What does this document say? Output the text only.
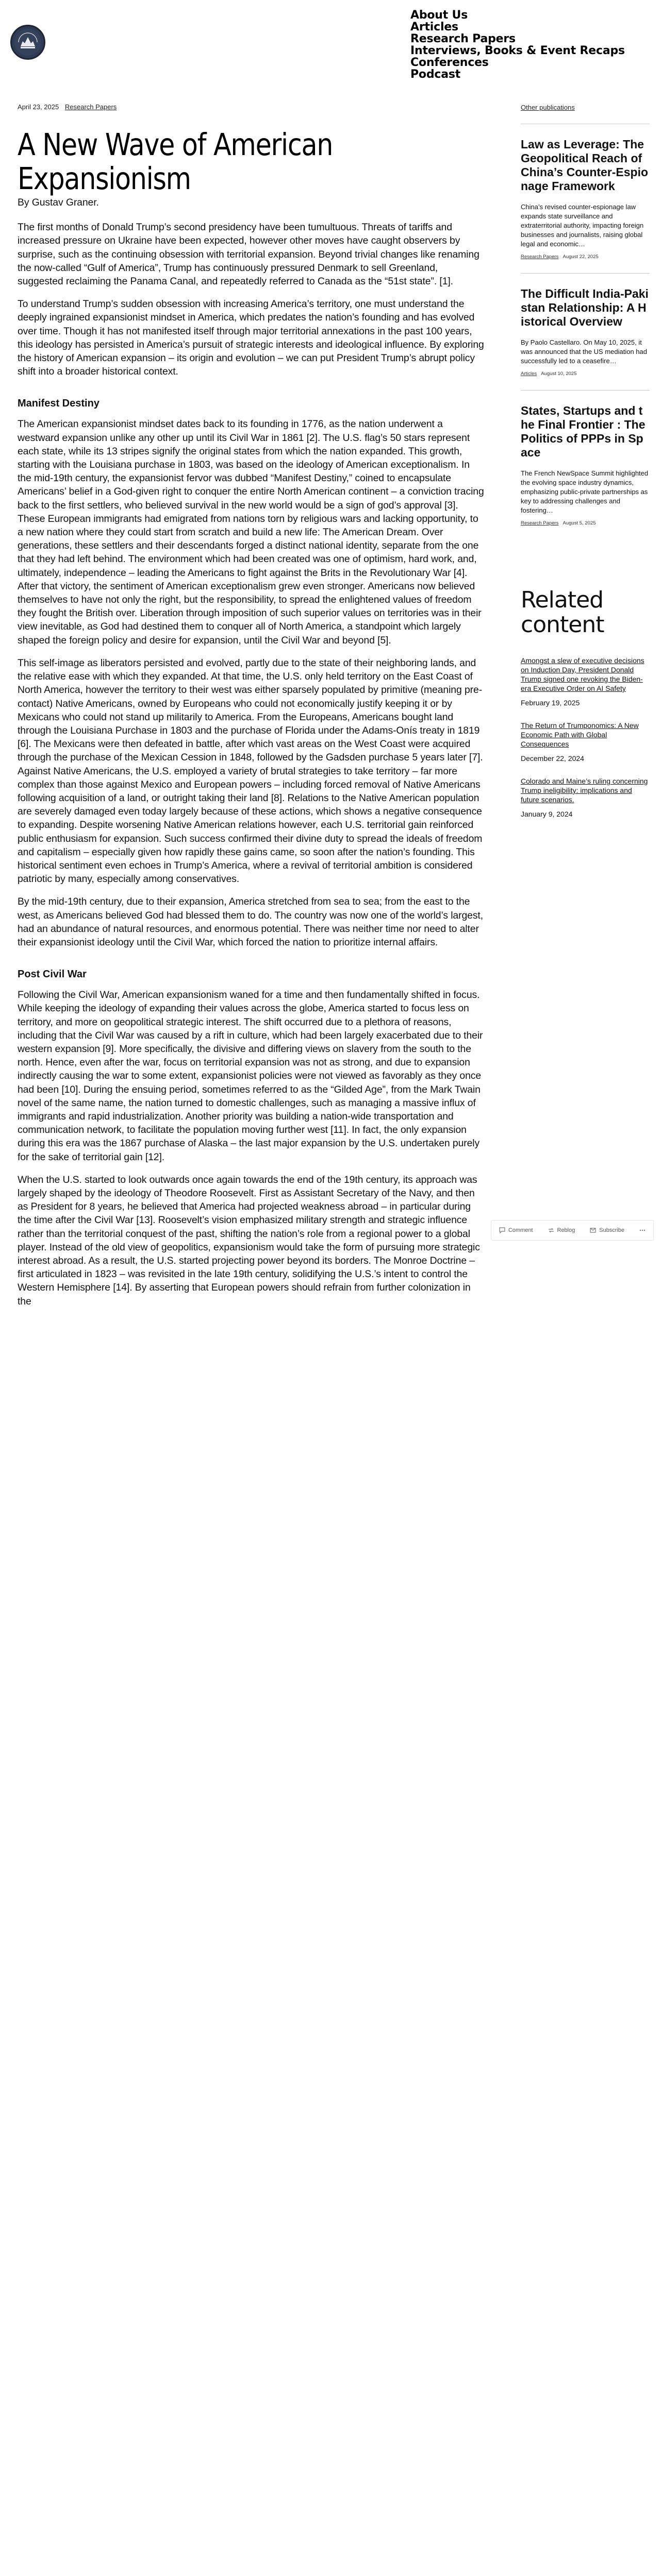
About Us
Articles
Research Papers
Interviews, Books & Event Recaps
Conferences
Podcast
April 23, 2025 Research Papers
A New Wave of American Expansionism

By Gustav Graner.

The first months of Donald Trump’s second presidency have been tumultuous. Threats of tariffs and increased pressure on Ukraine have been expected, however other moves have caught observers by surprise, such as the continuing obsession with territorial expansion. Beyond trivial changes like renaming the now-called “Gulf of America”, Trump has continuously pressured Denmark to sell Greenland, suggested reclaiming the Panama Canal, and repeatedly referred to Canada as the “51st state”. [1].

To understand Trump’s sudden obsession with increasing America’s territory, one must understand the deeply ingrained expansionist mindset in America, which predates the nation’s founding and has evolved over time. Though it has not manifested itself through major territorial annexations in the past 100 years, this ideology has persisted in America’s pursuit of strategic interests and ideological influence. By exploring the history of American expansion – its origin and evolution – we can put President Trump’s abrupt policy shift into a broader historical context.

Manifest Destiny

The American expansionist mindset dates back to its founding in 1776, as the nation underwent a westward expansion unlike any other up until its Civil War in 1861 [2]. The U.S. flag’s 50 stars represent each state, while its 13 stripes signify the original states from which the nation expanded. This growth, starting with the Louisiana purchase in 1803, was based on the ideology of American exceptionalism. In the mid-19th century, the expansionist fervor was dubbed “Manifest Destiny,” coined to encapsulate Americans’ belief in a God-given right to conquer the entire North American continent – a conviction tracing back to the first settlers, who believed survival in the new world would be a sign of god’s approval [3]. These European immigrants had emigrated from nations torn by religious wars and lacking opportunity, to a new nation where they could start from scratch and build a new life: The American Dream. Over generations, these settlers and their descendants forged a distinct national identity, separate from the one that they had left behind. The environment which had been created was one of optimism, hard work, and, ultimately, independence – leading the Americans to fight against the Brits in the Revolutionary War [4]. After that victory, the sentiment of American exceptionalism grew even stronger. Americans now believed themselves to have not only the right, but the responsibility, to spread the enlightened values of freedom they fought the British over. Liberation through imposition of such superior values on territories was in their view inevitable, as God had destined them to conquer all of North America, a standpoint which largely shaped the foreign policy and desire for expansion, until the Civil War and beyond [5].

This self-image as liberators persisted and evolved, partly due to the state of their neighboring lands, and the relative ease with which they expanded. At that time, the U.S. only held territory on the East Coast of North America, however the territory to their west was either sparsely populated by primitive (meaning pre-contact) Native Americans, owned by Europeans who could not economically justify keeping it or by Mexicans who could not stand up militarily to America. From the Europeans, Americans bought land through the Louisiana Purchase in 1803 and the purchase of Florida under the Adams-Onís treaty in 1819 [6]. The Mexicans were then defeated in battle, after which vast areas on the West Coast were acquired through the purchase of the Mexican Cession in 1848, followed by the Gadsden purchase 5 years later [7]. Against Native Americans, the U.S. employed a variety of brutal strategies to take territory – far more complex than those against Mexico and European powers – including forced removal of Native Americans following acquisition of a land, or outright taking their land [8]. Relations to the Native American population are severely damaged even today largely because of these actions, which shows a negative consequence to expanding. Despite worsening Native American relations however, each U.S. territorial gain reinforced public enthusiasm for expansion. Such success confirmed their divine duty to spread the ideals of freedom and capitalism – especially given how rapidly these gains came, so soon after the nation’s founding. This historical sentiment even echoes in Trump’s America, where a revival of territorial ambition is considered patriotic by many, especially among conservatives.

By the mid-19th century, due to their expansion, America stretched from sea to sea; from the east to the west, as Americans believed God had blessed them to do. The country was now one of the world’s largest, had an abundance of natural resources, and enormous potential. There was neither time nor need to alter their expansionist ideology until the Civil War, which forced the nation to prioritize internal affairs.

Post Civil War

Following the Civil War, American expansionism waned for a time and then fundamentally shifted in focus. While keeping the ideology of expanding their values across the globe, America started to focus less on territory, and more on geopolitical strategic interest. The shift occurred due to a plethora of reasons, including that the Civil War was caused by a rift in culture, which had been largely exacerbated due to their western expansion [9]. More specifically, the divisive and differing views on slavery from the south to the north. Hence, even after the war, focus on territorial expansion was not as strong, and due to expansion indirectly causing the war to some extent, expansionist policies were not viewed as favorably as they once had been [10]. During the ensuing period, sometimes referred to as the “Gilded Age”, from the Mark Twain novel of the same name, the nation turned to domestic challenges, such as managing a massive influx of immigrants and rapid industrialization. Another priority was building a nation-wide transportation and communication network, to facilitate the population moving further west [11]. In fact, the only expansion during this era was the 1867 purchase of Alaska – the last major expansion by the U.S. undertaken purely for the sake of territorial gain [12].

When the U.S. started to look outwards once again towards the end of the 19th century, its approach was largely shaped by the ideology of Theodore Roosevelt. First as Assistant Secretary of the Navy, and then as President for 8 years, he believed that America had projected weakness abroad – in particular during the time after the Civil War [13]. Roosevelt’s vision emphasized military strength and strategic influence rather than the territorial conquest of the past, shifting the nation’s role from a regional power to a global player. Instead of the old view of geopolitics, expansionism would take the form of pursuing more strategic interest abroad. As a result, the U.S. started projecting power beyond its borders. The Monroe Doctrine – first articulated in 1823 – was revisited in the late 19th century, solidifying the U.S.’s intent to control the Western Hemisphere [14]. By asserting that European powers should refrain from further colonization in the

Other publications
Law as Leverage: The Geopolitical Reach of China’s Counter-Espionage Framework

China’s revised counter-espionage law expands state surveillance and extraterritorial authority, impacting foreign businesses and journalists, raising global legal and economic…

Research Papers August 22, 2025
The Difficult India-Pakistan Relationship: A Historical Overview

By Paolo Castellaro. On May 10, 2025, it was announced that the US mediation had successfully led to a ceasefire…

Articles August 10, 2025
States, Startups and the Final Frontier : The Politics of PPPs in Space

The French NewSpace Summit highlighted the evolving space industry dynamics, emphasizing public-private partnerships as key to addressing challenges and fostering…

Research Papers August 5, 2025
Related content
Amongst a slew of executive decisions on Induction Day, President Donald Trump signed one revoking the Biden-era Executive Order on AI Safety
February 19, 2025
The Return of Trumponomics: A New Economic Path with Global Consequences
December 22, 2024
Colorado and Maine’s ruling concerning Trump ineligibility: implications and future scenarios.
January 9, 2024
Comment	Reblog	Subscribe
